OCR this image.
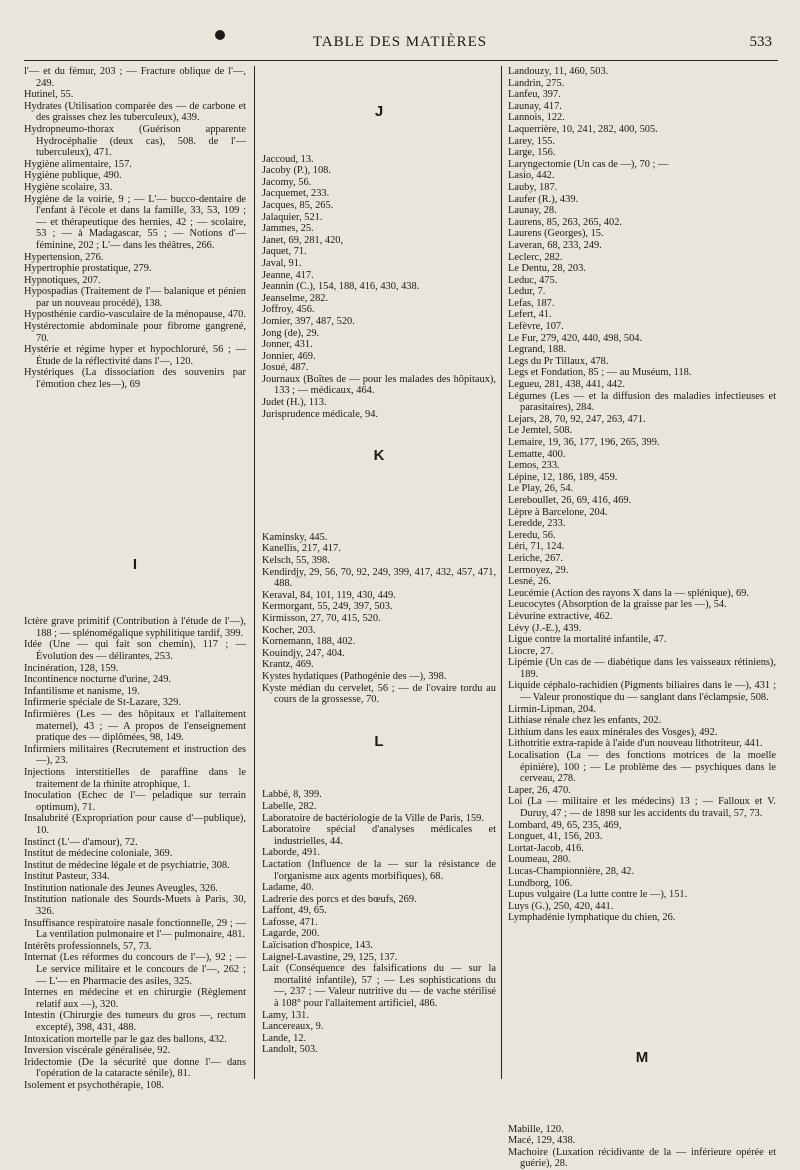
TABLE DES MATIÈRES	533

l'— et du fémur, 203 ; — Fracture oblique de l'—, 249.

Hutinel, 55.

Hydrates (Utilisation comparée des — de carbone et des graisses chez les tuberculeux), 439.

Hydropneumo-thorax (Guérison apparente Hydrocéphalie (deux cas), 508. de l'— tuberculeux), 471.

Hygiène alimentaire, 157.

Hygiène publique, 490.

Hygiène scolaire, 33.

Hygiène de la voirie, 9 ; — L'— bucco-dentaire de l'enfant à l'école et dans la famille, 33, 53, 109 ; — et thérapeutique des hernies, 42 ; — scolaire, 53 ; — à Madagascar, 55 ; — Notions d'— féminine, 202 ; L'— dans les théâtres, 266.

Hypertension, 276.

Hypertrophie prostatique, 279.

Hypnotiques, 207.

Hypospadias (Traitement de l'— balanique et pénien par un nouveau procédé), 138.

Hyposthénie cardio-vasculaire de la ménopause, 470.

Hystérectomie abdominale pour fibrome gangrené, 70.

Hystérie et régime hyper et hypochloruré, 56 ; — Étude de la réflectivité dans l'—, 120.

Hystériques (La dissociation des souvenirs par l'émotion chez les—), 69

I

Ictère grave primitif (Contribution à l'étude de l'—), 188 ; — splénomégalique syphilitique tardif, 399.

Idée (Une — qui fait son chemin), 117 ; — Évolution des — délirantes, 253.

Incinération, 128, 159.

Incontinence nocturne d'urine, 249.

Infantilisme et nanisme, 19.

Infirmerie spéciale de St-Lazare, 329.

Infirmières (Les — des hôpitaux et l'allaitement maternel), 43 ; — A propos de l'enseignement pratique des — diplômées, 98, 149.

Infirmiers militaires (Recrutement et instruction des —), 23.

Injections interstitielles de paraffine dans le traitement de la rhinite atrophique, 1.

Inoculation (Echec de l'— peladique sur terrain optimum), 71.

Insalubrité (Expropriation pour cause d'—publique), 10.

Instinct (L'— d'amour), 72.

Institut de médecine coloniale, 369.

Institut de médecine légale et de psychiatrie, 308.

Institut Pasteur, 334.

Institution nationale des Jeunes Aveugles, 326.

Institution nationale des Sourds-Muets à Paris, 30, 326.

Insuffisance respiratoire nasale fonctionnelle, 29 ; — La ventilation pulmonaire et l'— pulmonaire, 481.

Intérêts professionnels, 57, 73.

Internat (Les réformes du concours de l'—), 92 ; — Le service militaire et le concours de l'—, 262 ; — L'— en Pharmacie des asiles, 325.

Internes en médecine et en chirurgie (Règlement relatif aux —), 320.

Intestin (Chirurgie des tumeurs du gros —, rectum excepté), 398, 431, 488.

Intoxication mortelle par le gaz des ballons, 432.

Inversion viscérale généralisée, 92.

Iridectomie (De la sécurité que donne l'— dans l'opération de la cataracte sénile), 81.

Isolement et psychothérapie, 108.

J

Jaccoud, 13.

Jacoby (P.), 108.

Jacomy, 56.

Jacquemet, 233.

Jacques, 85, 265.

Jalaquier, 521.

Jammes, 25.

Janet, 69, 281, 420,

Jaquet, 71.

Javal, 91.

Jeanne, 417.

Jeannin (C.), 154, 188, 416, 430, 438.

Jeanselme, 282.

Joffroy, 456.

Jomier, 397, 487, 520.

Jong (de), 29.

Jonner, 431.

Jonnier, 469.

Josué, 487.

Journaux (Boîtes de — pour les malades des hôpitaux), 133 ; — médicaux, 464.

Judet (H.), 113.

Jurisprudence médicale, 94.

K

Kaminsky, 445.

Kanellis, 217, 417.

Kelsch, 55, 398.

Kendirdjy, 29, 56, 70, 92, 249, 399, 417, 432, 457, 471, 488.

Keraval, 84, 101, 119, 430, 449.

Kermorgant, 55, 249, 397, 503.

Kirmisson, 27, 70, 415, 520.

Kocher, 203.

Kornemann, 188, 402.

Kouindjy, 247, 404.

Krantz, 469.

Kystes hydatiques (Pathogénie des —), 398.

Kyste médian du cervelet, 56 ; — de l'ovaire tordu au cours de la grossesse, 70.

L

Labbé, 8, 399.

Labelle, 282.

Laboratoire de bactériologie de la Ville de Paris, 159.

Laboratoire spécial d'analyses médicales et industrielles, 44.

Laborde, 491.

Lactation (Influence de la — sur la résistance de l'organisme aux agents morbifiques), 68.

Ladame, 40.

Ladrerie des porcs et des bœufs, 269.

Laffont, 49, 65.

Lafosse, 471.

Lagarde, 200.

Laïcisation d'hospice, 143.

Laignel-Lavastine, 29, 125, 137.

Lait (Conséquence des falsifications du — sur la mortalité infantile), 57 ; — Les sophistications du —, 237 ; — Valeur nutritive du — de vache stérilisé à 108° pour l'allaitement artificiel, 486.

Lamy, 131.

Lancereaux, 9.

Lande, 12.

Landolt, 503.

Landouzy, 11, 460, 503.

Landrin, 275.

Lanfeu, 397.

Launay, 417.

Lannois, 122.

Laquerrière, 10, 241, 282, 400, 505.

Larey, 155.

Large, 156.

Laryngectomie (Un cas de —), 70 ; —

Lasio, 442.

Lauby, 187.

Laufer (R.), 439.

Launay, 28.

Laurens, 85, 263, 265, 402.

Laurens (Georges), 15.

Laveran, 68, 233, 249.

Leclerc, 282.

Le Dentu, 28, 203.

Leduc, 475.

Ledur, 7.

Lefas, 187.

Lefert, 41.

Lefèvre, 107.

Le Fur, 279, 420, 440, 498, 504.

Legrand, 188.

Legs du Pr Tillaux, 478.

Legs et Fondation, 85 ; — au Muséum, 118.

Legueu, 281, 438, 441, 442.

Légumes (Les — et la diffusion des maladies infectieuses et parasitaires), 284.

Lejars, 28, 70, 92, 247, 263, 471.

Le Jemtel, 508.

Lemaire, 19, 36, 177, 196, 265, 399.

Lematte, 400.

Lemos, 233.

Lépine, 12, 186, 189, 459.

Le Play, 26, 54.

Lereboullet, 26, 69, 416, 469.

Lèpre à Barcelone, 204.

Leredde, 233.

Leredu, 56.

Léri, 71, 124.

Leriche, 267.

Lermoyez, 29.

Lesné, 26.

Leucémie (Action des rayons X dans la — splénique), 69.

Leucocytes (Absorption de la graisse par les —), 54.

Lévurine extractive, 462.

Lévy (J.-E.), 439.

Ligue contre la mortalité infantile, 47.

Liocre, 27.

Lipémie (Un cas de — diabétique dans les vaisseaux rétiniens), 189.

Liquide céphalo-rachidien (Pigments biliaires dans le —), 431 ; — Valeur pronostique du — sanglant dans l'éclampsie, 508.

Lirmin-Lipman, 204.

Lithiase rénale chez les enfants, 202.

Lithium dans les eaux minérales des Vosges), 492.

Lithotritie extra-rapide à l'aide d'un nouveau lithotriteur, 441.

Localisation (La — des fonctions motrices de la moelle épinière), 100 ; — Le problème des — psychiques dans le cerveau, 278.

Laper, 26, 470.

Loi (La — militaire et les médecins) 13 ; — Falloux et V. Duruy, 47 ; — de 1898 sur les accidents du travail, 57, 73.

Lombard, 49, 65, 235, 469,

Longuet, 41, 156, 203.

Lortat-Jacob, 416.

Loumeau, 280.

Lucas-Championnière, 28, 42.

Lundborg, 106.

Lupus vulgaire (La lutte contre le —), 151.

Luys (G.), 250, 420, 441.

Lymphadénie lymphatique du chien, 26.

M

Mabille, 120.

Macé, 129, 438.

Machoire (Luxation récidivante de la — inférieure opérée et guérie), 28.
